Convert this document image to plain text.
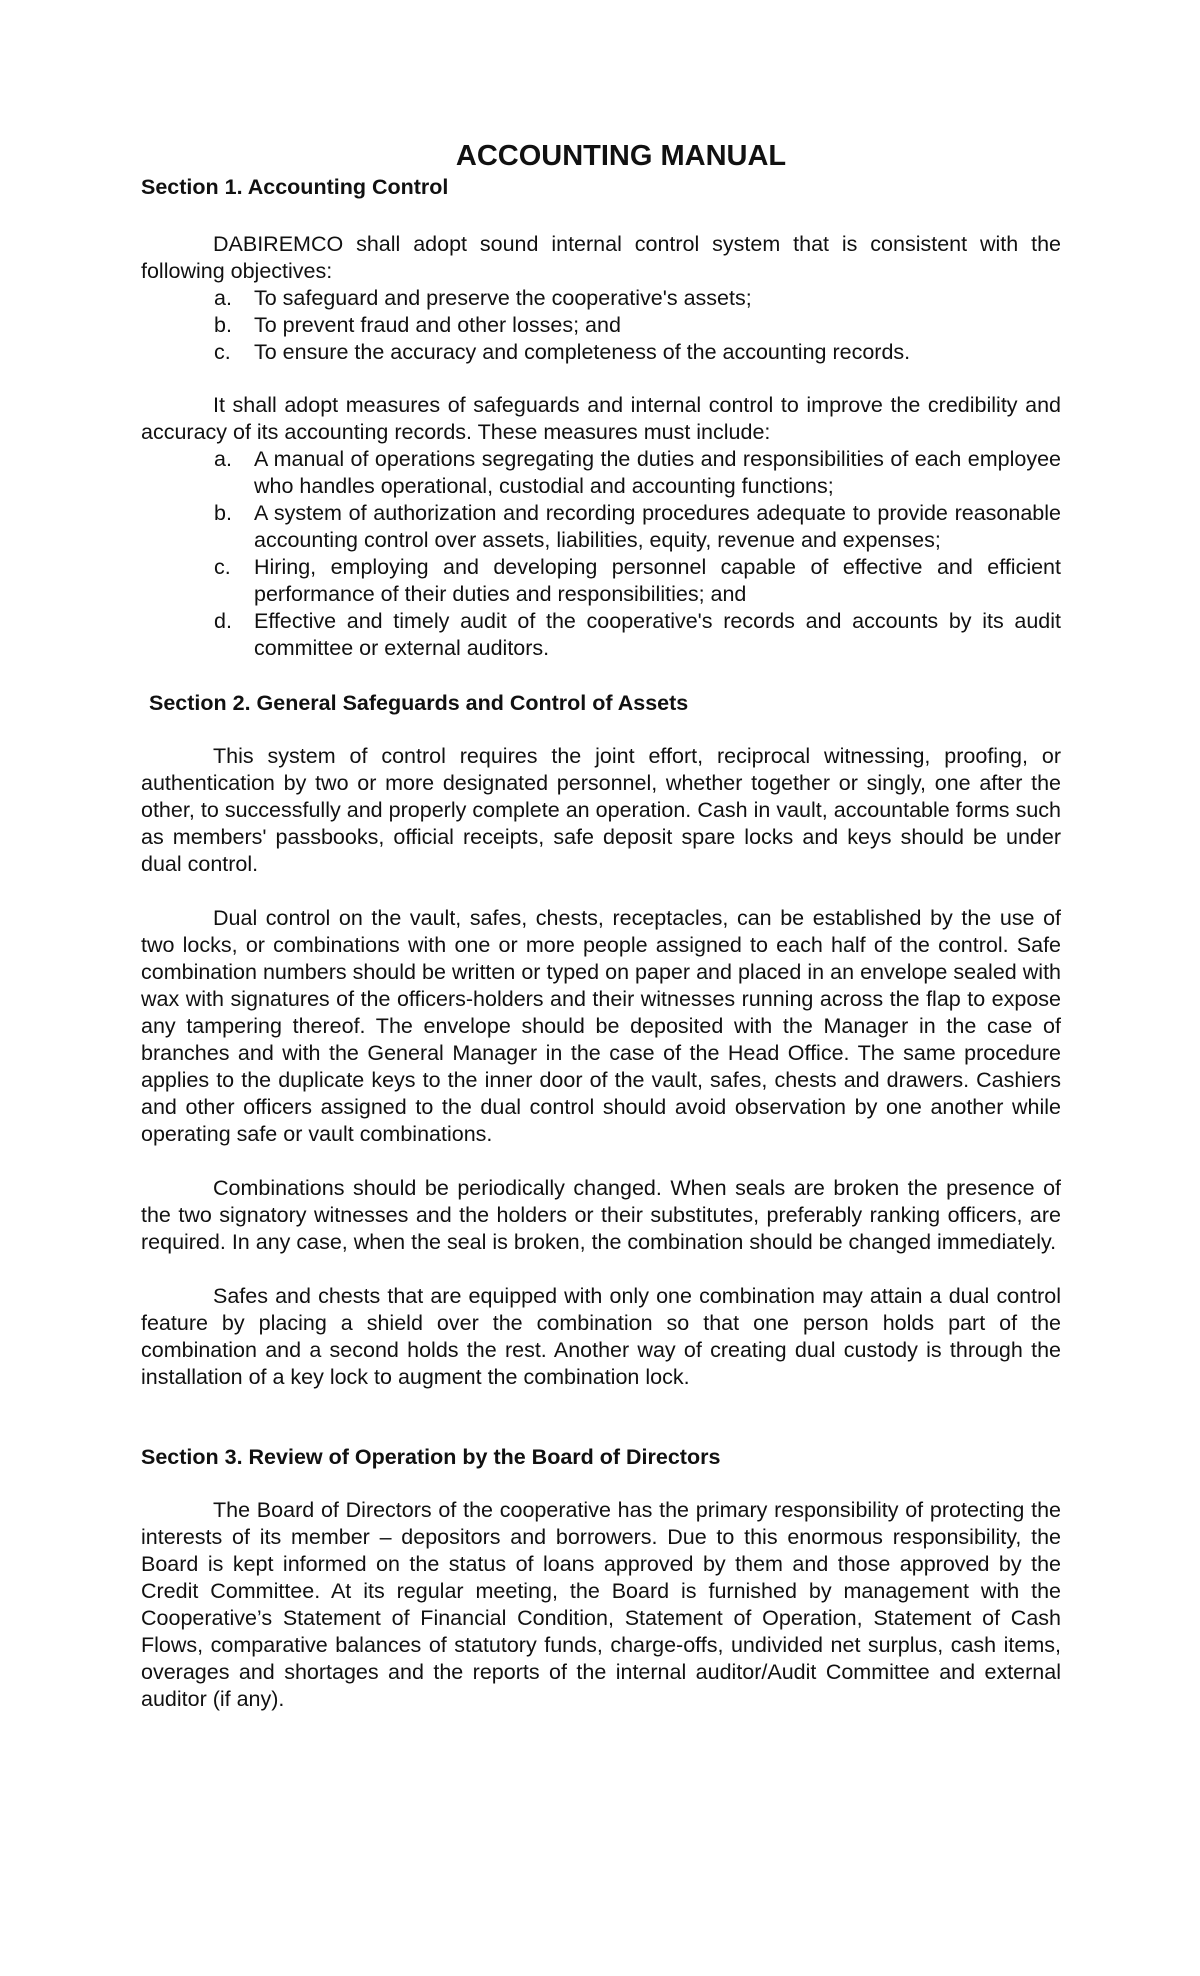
ACCOUNTING MANUAL
Section 1. Accounting Control

DABIREMCO shall adopt sound internal control system that is consistent with the following objectives:

a.	To safeguard and preserve the cooperative's assets;
b.	To prevent fraud and other losses; and
c.	To ensure the accuracy and completeness of the accounting records.

It shall adopt measures of safeguards and internal control to improve the credibility and accuracy of its accounting records. These measures must include:

a.	A manual of operations segregating the duties and responsibilities of each employee who handles operational, custodial and accounting functions;
b.	A system of authorization and recording procedures adequate to provide reasonable accounting control over assets, liabilities, equity, revenue and expenses;
c.	Hiring, employing and developing personnel capable of effective and efficient performance of their duties and responsibilities; and
d.	Effective and timely audit of the cooperative's records and accounts by its audit committee or external auditors.
Section 2. General Safeguards and Control of Assets

This system of control requires the joint effort, reciprocal witnessing, proofing, or authentication by two or more designated personnel, whether together or singly, one after the other, to successfully and properly complete an operation. Cash in vault, accountable forms such as members' passbooks, official receipts, safe deposit spare locks and keys should be under dual control.

Dual control on the vault, safes, chests, receptacles, can be established by the use of two locks, or combinations with one or more people assigned to each half of the control. Safe combination numbers should be written or typed on paper and placed in an envelope sealed with wax with signatures of the officers-holders and their witnesses running across the flap to expose any tampering thereof. The envelope should be deposited with the Manager in the case of branches and with the General Manager in the case of the Head Office. The same procedure applies to the duplicate keys to the inner door of the vault, safes, chests and drawers. Cashiers and other officers assigned to the dual control should avoid observation by one another while operating safe or vault combinations.

Combinations should be periodically changed. When seals are broken the presence of the two signatory witnesses and the holders or their substitutes, preferably ranking officers, are required. In any case, when the seal is broken, the combination should be changed immediately.

Safes and chests that are equipped with only one combination may attain a dual control feature by placing a shield over the combination so that one person holds part of the combination and a second holds the rest. Another way of creating dual custody is through the installation of a key lock to augment the combination lock.

Section 3. Review of Operation by the Board of Directors

The Board of Directors of the cooperative has the primary responsibility of protecting the interests of its member – depositors and borrowers. Due to this enormous responsibility, the Board is kept informed on the status of loans approved by them and those approved by the Credit Committee. At its regular meeting, the Board is furnished by management with the Cooperative’s Statement of Financial Condition, Statement of Operation, Statement of Cash Flows, comparative balances of statutory funds, charge-offs, undivided net surplus, cash items, overages and shortages and the reports of the internal auditor/Audit Committee and external auditor (if any).
